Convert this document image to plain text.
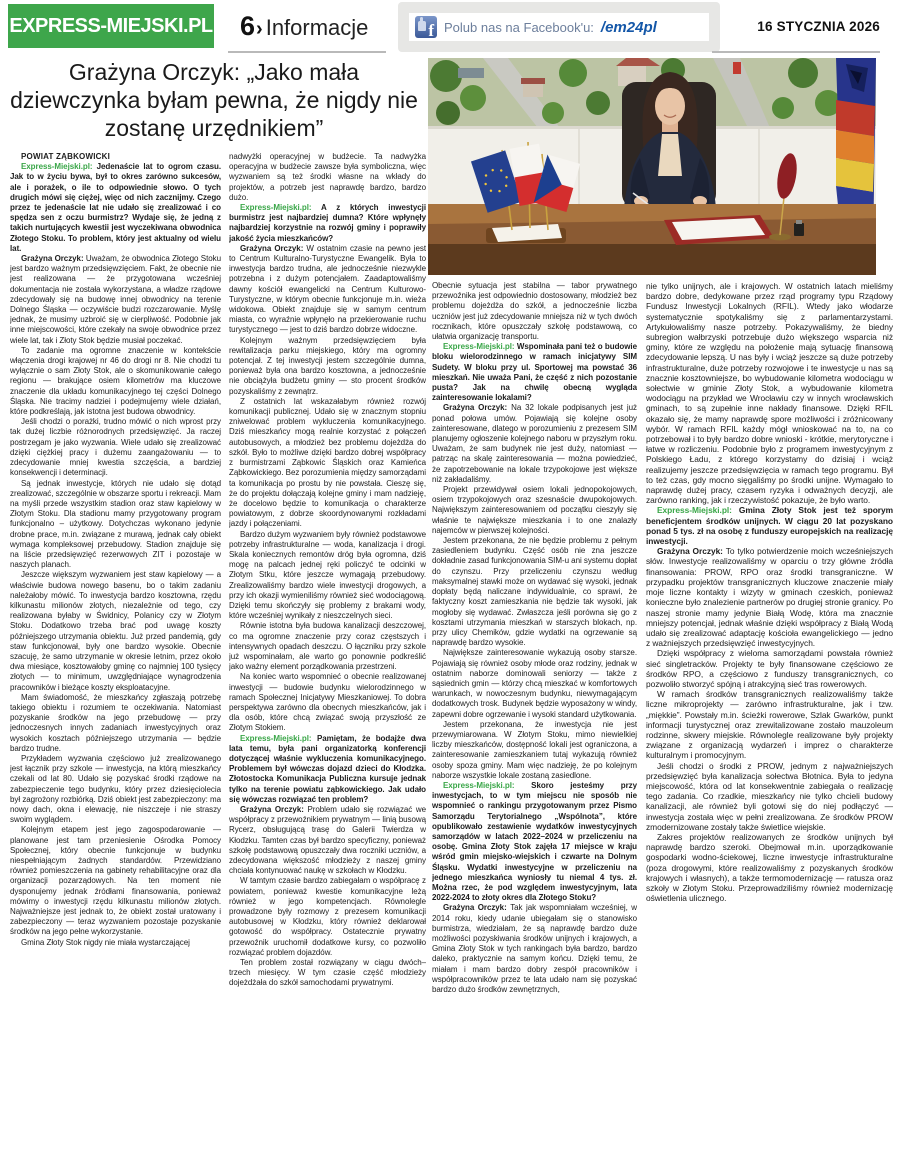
EXPRESS-MIEJSKI.PL 6› Informacje	f Polub nas na Facebook'u: /em24pl	16 STYCZNIA 2026
Grażyna Orczyk: „Jako mała dziewczynka byłam pewna, że nigdy nie zostanę urzędnikiem”

POWIAT ZĄBKOWICKI

Express-Miejski.pl: Jedenaście lat to ogrom czasu. Jak to w życiu bywa, był to okres zarówno sukcesów, ale i porażek, o ile to odpowiednie słowo. O tych drugich mówi się ciężej, więc od nich zacznijmy. Czego przez te jedenaście lat nie udało się zrealizować i co spędza sen z oczu burmistrz? Wydaje się, że jedną z takich nurtujących kwestii jest wyczekiwana obwodnica Złotego Stoku. To problem, który jest aktualny od wielu lat.

Grażyna Orczyk: Uważam, że obwodnica Złotego Stoku jest bardzo ważnym przedsięwzięciem. Fakt, że obecnie nie jest realizowana — że przygotowana wcześniej dokumentacja nie została wykorzystana, a władze rządowe zdecydowały się na budowę innej obwodnicy na terenie Dolnego Śląska — oczywiście budzi rozczarowanie. Myślę jednak, że musimy uzbroić się w cierpliwość. Podobnie jak inne miejscowości, które czekały na swoje obwodnice przez wiele lat, tak i Złoty Stok będzie musiał poczekać.

To zadanie ma ogromne znaczenie w kontekście włączenia drogi krajowej nr 46 do drogi nr 8. Nie chodzi tu wyłącznie o sam Złoty Stok, ale o skomunikowanie całego regionu — brakujące osiem kilometrów ma kluczowe znaczenie dla układu komunikacyjnego tej części Dolnego Śląska. Nie tracimy nadziei i podejmujemy wiele działań, które podkreślają, jak istotna jest budowa obwodnicy.

Jeśli chodzi o porażki, trudno mówić o nich wprost przy tak dużej liczbie różnorodnych przedsięwzięć. Ja raczej postrzegam je jako wyzwania. Wiele udało się zrealizować dzięki ciężkiej pracy i dużemu zaangażowaniu — to zdecydowanie mniej kwestia szczęścia, a bardziej konsekwencji i determinacji.

Są jednak inwestycje, których nie udało się dotąd zrealizować, szczególnie w obszarze sportu i rekreacji. Mam na myśli przede wszystkim stadion oraz staw kąpielowy w Złotym Stoku. Dla stadionu mamy przygotowany program funkcjonalno – użytkowy. Dotychczas wykonano jedynie drobne prace, m.in. związane z murawą, jednak cały obiekt wymaga kompleksowej przebudowy. Stadion znajduje się na liście przedsięwzięć rezerwowych ZIT i pozostaje w naszych planach.

Jeszcze większym wyzwaniem jest staw kąpielowy — a właściwie budowa nowego basenu, bo o takim zadaniu należałoby mówić. To inwestycja bardzo kosztowna, rzędu kilkunastu milionów złotych, niezależnie od tego, czy realizowana byłaby w Świdnicy, Polanicy czy w Złotym Stoku. Dodatkowo trzeba brać pod uwagę koszty późniejszego utrzymania obiektu. Już przed pandemią, gdy staw funkcjonował, były one bardzo wysokie. Obecnie szacuję, że samo utrzymanie w okresie letnim, przez około dwa miesiące, kosztowałoby gminę co najmniej 100 tysięcy złotych — to minimum, uwzględniające wynagrodzenia pracowników i bieżące koszty eksploatacyjne.

Mam świadomość, że mieszkańcy zgłaszają potrzebę takiego obiektu i rozumiem te oczekiwania. Natomiast pozyskanie środków na jego przebudowę — przy jednoczesnych innych zadaniach inwestycyjnych oraz wysokich kosztach późniejszego utrzymania — będzie bardzo trudne.

Przykładem wyzwania częściowo już zrealizowanego jest łącznik przy szkole — inwestycja, na którą mieszkańcy czekali od lat 80. Udało się pozyskać środki rządowe na zabezpieczenie tego budynku, który przez dziesięciolecia był zagrożony rozbiórką. Dziś obiekt jest zabezpieczony: ma nowy dach, okna i elewację, nie niszczeje i nie straszy swoim wyglądem.

Kolejnym etapem jest jego zagospodarowanie — planowane jest tam przeniesienie Ośrodka Pomocy Społecznej, który obecnie funkcjonuje w budynku niespełniającym żadnych standardów. Przewidziano również pomieszczenia na gabinety rehabilitacyjne oraz dla organizacji pozarządowych. Na ten moment nie dysponujemy jednak źródłami finansowania, ponieważ mówimy o inwestycji rzędu kilkunastu milionów złotych. Najważniejsze jest jednak to, że obiekt został uratowany i zabezpieczony — teraz wyzwaniem pozostaje pozyskanie środków na jego pełne wykorzystanie.

Gmina Złoty Stok nigdy nie miała wystarczającej

nadwyżki operacyjnej w budżecie. Ta nadwyżka operacyjna w budżecie zawsze była symboliczna, więc wyzwaniem są też środki własne na wkłady do projektów, a potrzeb jest naprawdę bardzo, bardzo dużo.

Express-Miejski.pl: A z których inwestycji burmistrz jest najbardziej dumna? Które wpłynęły najbardziej korzystnie na rozwój gminy i poprawiły jakość życia mieszkańców?

Grażyna Orczyk: W ostatnim czasie na pewno jest to Centrum Kulturalno-Turystyczne Ewangelik. Była to inwestycja bardzo trudna, ale jednocześnie niezwykle potrzebna i z dużym potencjałem. Zaadaptowaliśmy dawny kościół ewangelicki na Centrum Kulturowo-Turystyczne, w którym obecnie funkcjonuje m.in. wieża widokowa. Obiekt znajduje się w samym centrum miasta, co wyraźnie wpłynęło na przekierowanie ruchu turystycznego — jest to dziś bardzo dobrze widoczne.

Kolejnym ważnym przedsięwzięciem była rewitalizacja parku miejskiego, który ma ogromny potencjał. Z tej inwestycji jestem szczególnie dumna, ponieważ była ona bardzo kosztowna, a jednocześnie nie obciążyła budżetu gminy — sto procent środków pozyskaliśmy z zewnątrz.

Z ostatnich lat wskazałabym również rozwój komunikacji publicznej. Udało się w znacznym stopniu zniwelować problem wykluczenia komunikacyjnego. Dziś mieszkańcy mogą realnie korzystać z połączeń autobusowych, a młodzież bez problemu dojeżdża do szkół. Było to możliwe dzięki bardzo dobrej współpracy z burmistrzami Ząbkowic Śląskich oraz Kamieńca Ząbkowickiego. Bez porozumienia między samorządami ta komunikacja po prostu by nie powstała. Cieszę się, że do projektu dołączają kolejne gminy i mam nadzieję, że docelowo będzie to komunikacja o charakterze powiatowym, z dobrze skoordynowanymi rozkładami jazdy i połączeniami.

Bardzo dużym wyzwaniem były również podstawowe potrzeby infrastrukturalne — woda, kanalizacja i drogi. Skala koniecznych remontów dróg była ogromna, dziś mogę na palcach jednej ręki policzyć te odcinki w Złotym Stku, które jeszcze wymagają przebudowy. Zrealizowaliśmy bardzo wiele inwestycji drogowych, a przy ich okazji wymieniliśmy również sieć wodociągową. Dzięki temu skończyły się problemy z brakami wody, które wcześniej wynikały z nieszczelnych sieci.

Równie istotna była budowa kanalizacji deszczowej, co ma ogromne znaczenie przy coraz częstszych i intensywnych opadach deszczu. O łączniku przy szkole już wspominałam, ale warto go ponownie podkreślić jako ważny element porządkowania przestrzeni.

Na koniec warto wspomnieć o obecnie realizowanej inwestycji — budowie budynku wielorodzinnego w ramach Społecznej Inicjatywy Mieszkaniowej. To dobra perspektywa zarówno dla obecnych mieszkańców, jak i dla osób, które chcą związać swoją przyszłość ze Złotym Stokiem.

Express-Miejski.pl: Pamiętam, że bodajże dwa lata temu, była pani organizatorką konferencji dotyczącej właśnie wykluczenia komunikacyjnego. Problemem był wówczas dojazd dzieci do Kłodzka. Złotostocka Komunikacja Publiczna kursuje jednak tylko na terenie powiatu ząbkowickiego. Jak udało się wówczas rozwiązać ten problem?

Grażyna Orczyk: Problem udało się rozwiązać we współpracy z przewoźnikiem prywatnym — linią busową Rycerz, obsługującą trasę do Galerii Twierdza w Kłodzku. Tamten czas był bardzo specyficzny, ponieważ szkołę podstawową opuszczały dwa roczniki uczniów, a zdecydowana większość młodzieży z naszej gminy chciała kontynuować naukę w szkołach w Kłodzku.

W tamtym czasie bardzo zabiegałam o współpracę z powiatem, ponieważ kwestie komunikacyjne leżą również w jego kompetencjach. Równolegle prowadzone były rozmowy z prezesem komunikacji autobusowej w Kłodzku, który również deklarował gotowość do współpracy. Ostatecznie prywatny przewoźnik uruchomił dodatkowe kursy, co pozwoliło rozwiązać problem dojazdów.

Ten problem został rozwiązany w ciągu dwóch–trzech miesięcy. W tym czasie część młodzieży dojeżdżała do szkół samochodami prywatnymi.

Obecnie sytuacja jest stabilna — tabor prywatnego przewoźnika jest odpowiednio dostosowany, młodzież bez problemu dojeżdża do szkół, a jednocześnie liczba uczniów jest już zdecydowanie mniejsza niż w tych dwóch rocznikach, które opuszczały szkołę podstawową, co ułatwia organizację transportu.

Express-Miejski.pl: Wspominała pani też o budowie bloku wielorodzinnego w ramach inicjatywy SIM Sudety. W bloku przy ul. Sportowej ma powstać 36 mieszkań. Nie uważa Pani, że część z nich pozostanie pusta? Jak na chwilę obecną wygląda zainteresowanie lokalami?

Grażyna Orczyk: Na 32 lokale podpisanych jest już ponad połowa umów. Pojawiają się kolejne osoby zainteresowane, dlatego w porozumieniu z prezesem SIM planujemy ogłoszenie kolejnego naboru w przyszłym roku. Uważam, że sam budynek nie jest duży, natomiast — patrząc na skalę zainteresowania — można powiedzieć, że zapotrzebowanie na lokale trzypokojowe jest większe niż zakładaliśmy.

Projekt przewidywał osiem lokali jednopokojowych, osiem trzypokojowych oraz szesnaście dwupokojowych. Największym zainteresowaniem od początku cieszyły się właśnie te największe mieszkania i to one znalazły najemców w pierwszej kolejności.

Jestem przekonana, że nie będzie problemu z pełnym zasiedleniem budynku. Część osób nie zna jeszcze dokładnie zasad funkcjonowania SIM-u ani systemu dopłat do czynszu. Przy przeliczeniu czynszu według maksymalnej stawki może on wydawać się wysoki, jednak dopłaty będą naliczane indywidualnie, co sprawi, że faktyczny koszt zamieszkania nie będzie tak wysoki, jak mogłoby się wydawać. Zwłaszcza jeśli porówna się go z kosztami utrzymania mieszkań w starszych blokach, np. przy ulicy Chemików, gdzie wydatki na ogrzewanie są naprawdę bardzo wysokie.

Największe zainteresowanie wykazują osoby starsze. Pojawiają się również osoby młode oraz rodziny, jednak w ostatnim naborze dominowali seniorzy — także z sąsiednich gmin — którzy chcą mieszkać w komfortowych warunkach, w nowoczesnym budynku, niewymagającym dodatkowych trosk. Budynek będzie wyposażony w windy, zapewni dobre ogrzewanie i wysoki standard użytkowania.

Jestem przekonana, że inwestycja nie jest przewymiarowana. W Złotym Stoku, mimo niewielkiej liczby mieszkańców, dostępność lokali jest ograniczona, a zainteresowanie zamieszkaniem tutaj wykazują również osoby spoza gminy. Mam więc nadzieję, że po kolejnym naborze wszystkie lokale zostaną zasiedlone.

Express-Miejski.pl: Skoro jesteśmy przy inwestycjach, to w tym miejscu nie sposób nie wspomnieć o rankingu przygotowanym przez Pismo Samorządu Terytorialnego „Wspólnota”, które opublikowało zestawienie wydatków inwestycyjnych samorządów w latach 2022–2024 w przeliczeniu na osobę. Gmina Złoty Stok zajęła 17 miejsce w kraju wśród gmin miejsko-wiejskich i czwarte na Dolnym Śląsku. Wydatki inwestycyjne w przeliczeniu na jednego mieszkańca wyniosły tu niemal 4 tys. zł. Można rzec, że pod względem inwestycyjnym, lata 2022-2024 to złoty okres dla Złotego Stoku?

Grażyna Orczyk: Tak jak wspomniałam wcześniej, w 2014 roku, kiedy udanie ubiegałam się o stanowisko burmistrza, wiedziałam, że są naprawdę bardzo duże możliwości pozyskiwania środków unijnych i krajowych, a Gmina Złoty Stok w tych rankingach była bardzo, bardzo daleko, praktycznie na samym końcu. Dzięki temu, że miałam i mam bardzo dobry zespół pracowników i współpracowników przez te lata udało nam się pozyskać bardzo dużo środków zewnętrznych,

nie tylko unijnych, ale i krajowych. W ostatnich latach mieliśmy bardzo dobre, dedykowane przez rząd programy typu Rządowy Fundusz Inwestycji Lokalnych (RFIL). Wtedy jako włodarze systematycznie spotykaliśmy się z parlamentarzystami. Artykułowaliśmy nasze potrzeby. Pokazywaliśmy, że biedny subregion wałbrzyski potrzebuje dużo większego wsparcia niż gminy, które ze względu na położenie mają sytuację finansową zdecydowanie lepszą. U nas były i wciąż jeszcze są duże potrzeby infrastrukturalne, duże potrzeby rozwojowe i te inwestycje u nas są znacznie kosztowniejsze, bo wybudowanie kilometra wodociągu w sołectwie w gminie Złoty Stok, a wybudowanie kilometra wodociągu na przykład we Wrocławiu czy w innych wrocławskich gminach, to są zupełnie inne nakłady finansowe. Dzięki RFIL okazało się, że mamy naprawdę spore możliwości i zróżnicowany wybór. W ramach RFIL każdy mógł wnioskować na to, na co potrzebował i to były bardzo dobre wnioski - krótkie, merytoryczne i łatwe w rozliczeniu. Podobnie było z programem inwestycyjnym z Polskiego Ładu, z którego korzystamy do dzisiaj i wciąż realizujemy jeszcze przedsięwzięcia w ramach tego programu. Był to też czas, gdy mocno sięgaliśmy po środki unijne. Wymagało to naprawdę dużej pracy, czasem ryzyka i odważnych decyzji, ale zarówno ranking, jak i rzeczywistość pokazuje, że było warto.

Express-Miejski.pl: Gmina Złoty Stok jest też sporym beneficjentem środków unijnych. W ciągu 20 lat pozyskano ponad 5 tys. zł na osobę z funduszy europejskich na realizację inwestycji.

Grażyna Orczyk: To tylko potwierdzenie moich wcześniejszych słów. Inwestycje realizowaliśmy w oparciu o trzy główne źródła finansowania: PROW, RPO oraz środki transgraniczne. W przypadku projektów transgranicznych kluczowe znaczenie miały moje liczne kontakty i wizyty w gminach czeskich, ponieważ konieczne było znalezienie partnerów po drugiej stronie granicy. Po naszej stronie mamy jedynie Białą Wodę, która ma znacznie mniejszy potencjał, jednak właśnie dzięki współpracy z Białą Wodą udało się zrealizować adaptację kościoła ewangelickiego — jedno z ważniejszych przedsięwzięć inwestycyjnych.

Dzięki współpracy z wieloma samorządami powstała również sieć singletracków. Projekty te były finansowane częściowo ze środków RPO, a częściowo z funduszy transgranicznych, co pozwoliło stworzyć spójną i atrakcyjną sieć tras rowerowych.

W ramach środków transgranicznych realizowaliśmy także liczne mikroprojekty — zarówno infrastrukturalne, jak i tzw. „miękkie”. Powstały m.in. ścieżki rowerowe, Szlak Gwarków, punkt informacji turystycznej oraz zrewitalizowane zostało mauzoleum rodzinne, skwery miejskie. Równolegle realizowane były projekty związane z organizacją wydarzeń i imprez o charakterze kulturalnym i promocyjnym.

Jeśli chodzi o środki z PROW, jednym z najważniejszych przedsięwzięć była kanalizacja sołectwa Błotnica. Była to jedyna miejscowość, która od lat konsekwentnie zabiegała o realizację tego zadania. Co rzadkie, mieszkańcy nie tylko chcieli budowy kanalizacji, ale również byli gotowi się do niej podłączyć — inwestycja została więc w pełni zrealizowana. Ze środków PROW zmodernizowane zostały także świetlice wiejskie.

Zakres projektów realizowanych ze środków unijnych był naprawdę bardzo szeroki. Obejmował m.in. uporządkowanie gospodarki wodno-ściekowej, liczne inwestycje infrastrukturalne (poza drogowymi, które realizowaliśmy z pozyskanych środków krajowych i własnych), a także termomodernizację — ratusza oraz szkoły w Złotym Stoku. Przeprowadziliśmy również modernizację oświetlenia ulicznego.
